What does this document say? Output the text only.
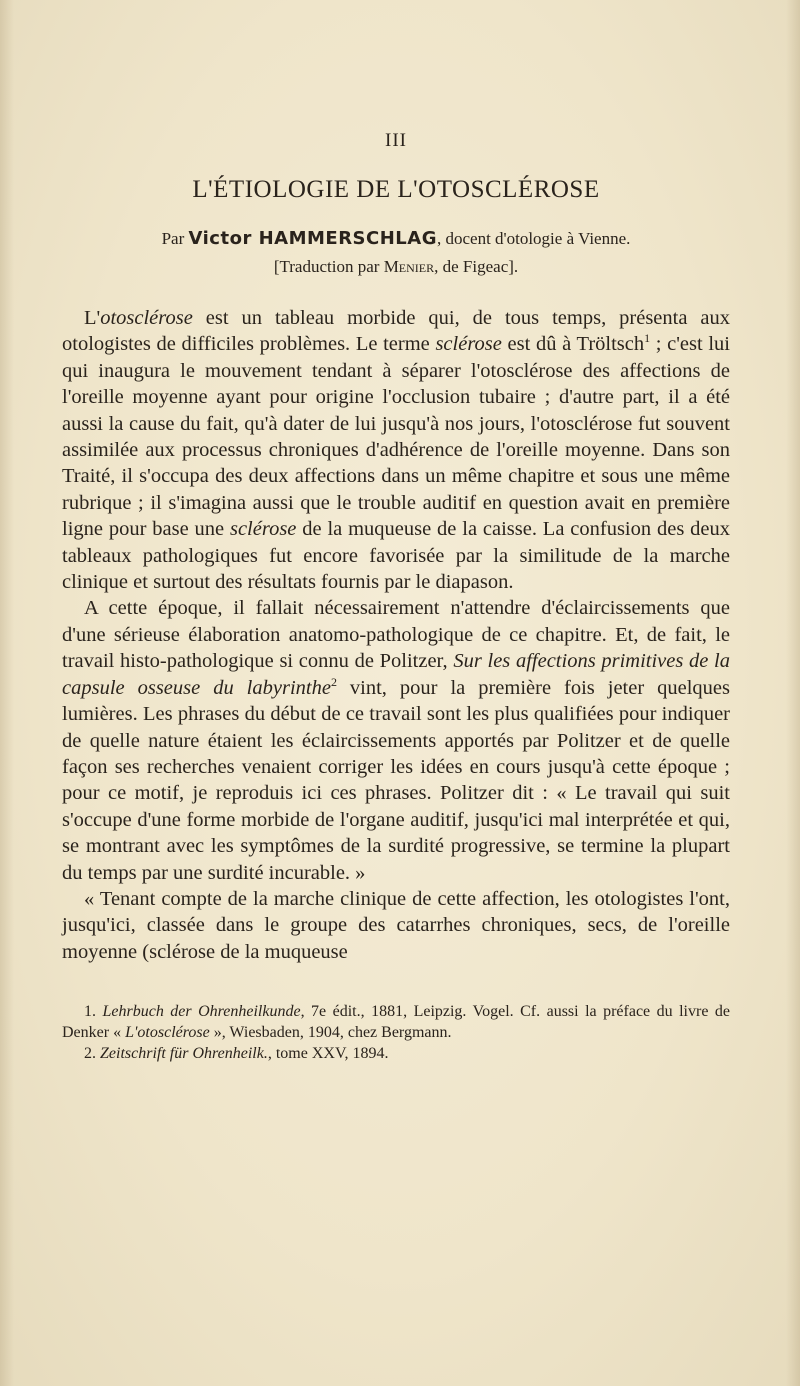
III
L'ÉTIOLOGIE DE L'OTOSCLÉROSE
Par Victor HAMMERSCHLAG, docent d'otologie à Vienne.
[Traduction par Menier, de Figeac].

L'otosclérose est un tableau morbide qui, de tous temps, présenta aux otologistes de difficiles problèmes. Le terme sclérose est dû à Tröltsch$^1$ ; c'est lui qui inaugura le mouvement tendant à séparer l'otosclérose des affections de l'oreille moyenne ayant pour origine l'occlusion tubaire ; d'autre part, il a été aussi la cause du fait, qu'à dater de lui jusqu'à nos jours, l'otosclérose fut souvent assimilée aux processus chroniques d'adhérence de l'oreille moyenne. Dans son Traité, il s'occupa des deux affections dans un même chapitre et sous une même rubrique ; il s'imagina aussi que le trouble auditif en question avait en première ligne pour base une sclérose de la muqueuse de la caisse. La confusion des deux tableaux pathologiques fut encore favorisée par la similitude de la marche clinique et surtout des résultats fournis par le diapason.

A cette époque, il fallait nécessairement n'attendre d'éclaircissements que d'une sérieuse élaboration anatomo-pathologique de ce chapitre. Et, de fait, le travail histo-pathologique si connu de Politzer, Sur les affections primitives de la capsule osseuse du labyrinthe$^2$ vint, pour la première fois jeter quelques lumières. Les phrases du début de ce travail sont les plus qualifiées pour indiquer de quelle nature étaient les éclaircissements apportés par Politzer et de quelle façon ses recherches venaient corriger les idées en cours jusqu'à cette époque ; pour ce motif, je reproduis ici ces phrases. Politzer dit : « Le travail qui suit s'occupe d'une forme morbide de l'organe auditif, jusqu'ici mal interprétée et qui, se montrant avec les symptômes de la surdité progressive, se termine la plupart du temps par une surdité incurable. »

« Tenant compte de la marche clinique de cette affection, les otologistes l'ont, jusqu'ici, classée dans le groupe des catarrhes chroniques, secs, de l'oreille moyenne (sclérose de la muqueuse

1. Lehrbuch der Ohrenheilkunde, 7e édit., 1881, Leipzig. Vogel. Cf. aussi la préface du livre de Denker « L'otosclérose », Wiesbaden, 1904, chez Bergmann.

2. Zeitschrift für Ohrenheilk., tome XXV, 1894.
